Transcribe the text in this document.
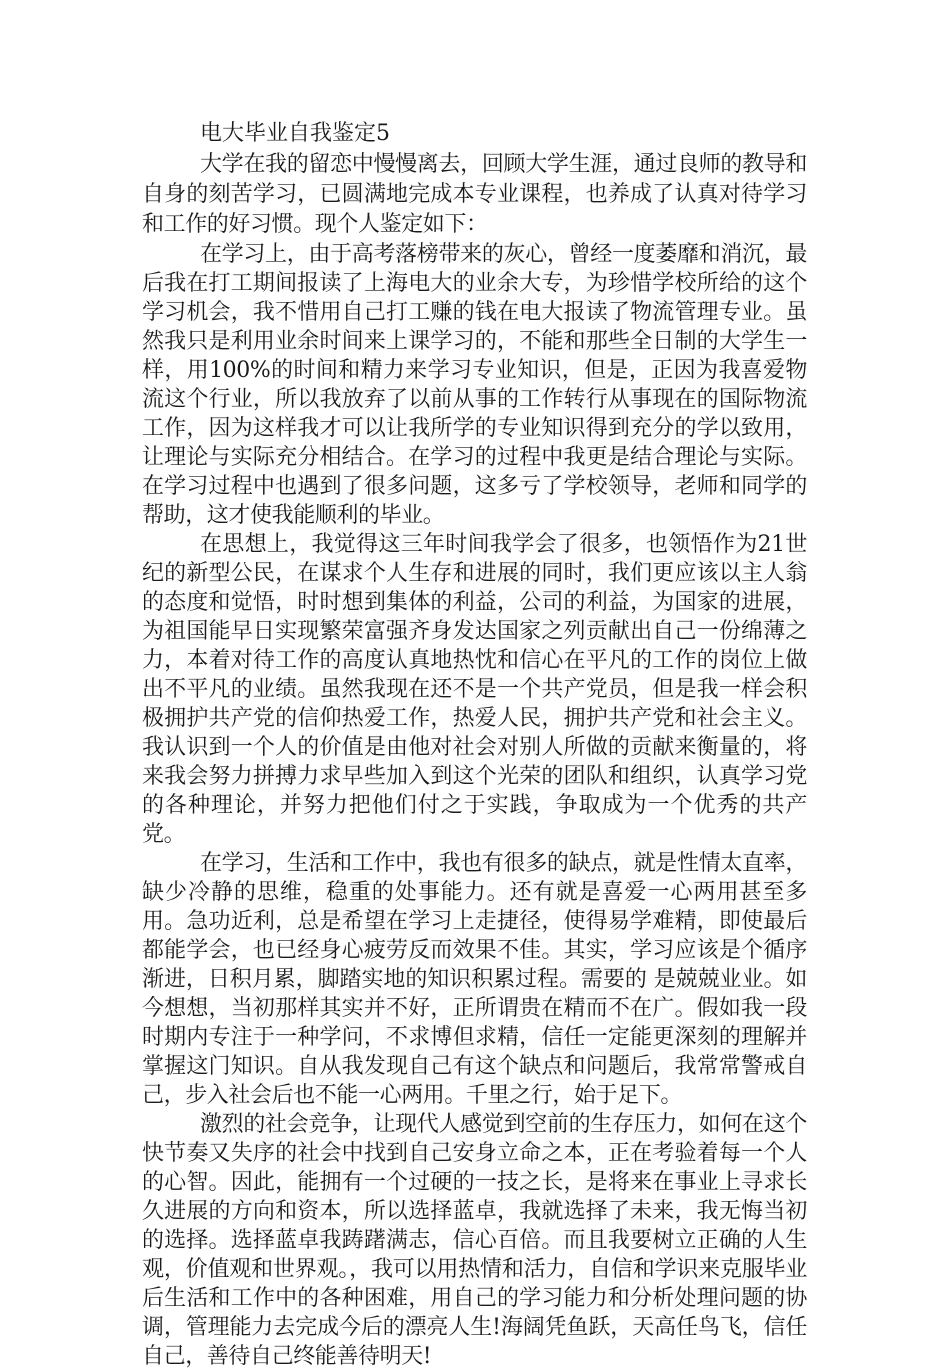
电大毕业自我鉴定5

大学在我的留恋中慢慢离去，回顾大学生涯，通过良师的教导和自身的刻苦学习，已圆满地完成本专业课程，也养成了认真对待学习和工作的好习惯。现个人鉴定如下：

在学习上，由于高考落榜带来的灰心，曾经一度萎靡和消沉，最后我在打工期间报读了上海电大的业余大专，为珍惜学校所给的这个学习机会，我不惜用自己打工赚的钱在电大报读了物流管理专业。虽然我只是利用业余时间来上课学习的，不能和那些全日制的大学生一样，用100%的时间和精力来学习专业知识，但是，正因为我喜爱物流这个行业，所以我放弃了以前从事的工作转行从事现在的国际物流工作，因为这样我才可以让我所学的专业知识得到充分的学以致用，让理论与实际充分相结合。在学习的过程中我更是结合理论与实际。在学习过程中也遇到了很多问题，这多亏了学校领导，老师和同学的帮助，这才使我能顺利的毕业。

在思想上，我觉得这三年时间我学会了很多，也领悟作为21世纪的新型公民，在谋求个人生存和进展的同时，我们更应该以主人翁的态度和觉悟，时时想到集体的利益，公司的利益，为国家的进展，为祖国能早日实现繁荣富强齐身发达国家之列贡献出自己一份绵薄之力，本着对待工作的高度认真地热忱和信心在平凡的工作的岗位上做出不平凡的业绩。虽然我现在还不是一个共产党员，但是我一样会积极拥护共产党的信仰热爱工作，热爱人民，拥护共产党和社会主义。我认识到一个人的价值是由他对社会对别人所做的贡献来衡量的，将来我会努力拼搏力求早些加入到这个光荣的团队和组织，认真学习党的各种理论，并努力把他们付之于实践，争取成为一个优秀的共产党。

在学习，生活和工作中，我也有很多的缺点，就是性情太直率，缺少冷静的思维，稳重的处事能力。还有就是喜爱一心两用甚至多用。急功近利，总是希望在学习上走捷径，使得易学难精，即使最后都能学会，也已经身心疲劳反而效果不佳。其实，学习应该是个循序渐进，日积月累，脚踏实地的知识积累过程。需要的 是兢兢业业。如今想想，当初那样其实并不好，正所谓贵在精而不在广。假如我一段时期内专注于一种学问，不求博但求精，信任一定能更深刻的理解并掌握这门知识。自从我发现自己有这个缺点和问题后，我常常警戒自己，步入社会后也不能一心两用。千里之行，始于足下。

激烈的社会竞争，让现代人感觉到空前的生存压力，如何在这个快节奏又失序的社会中找到自己安身立命之本，正在考验着每一个人的心智。因此，能拥有一个过硬的一技之长，是将来在事业上寻求长久进展的方向和资本，所以选择蓝卓，我就选择了未来，我无悔当初的选择。选择蓝卓我踌躇满志，信心百倍。而且我要树立正确的人生观，价值观和世界观。，我可以用热情和活力，自信和学识来克服毕业后生活和工作中的各种困难，用自己的学习能力和分析处理问题的协调，管理能力去完成今后的漂亮人生!海阔凭鱼跃，天高任鸟飞，信任自己，善待自己终能善待明天!
